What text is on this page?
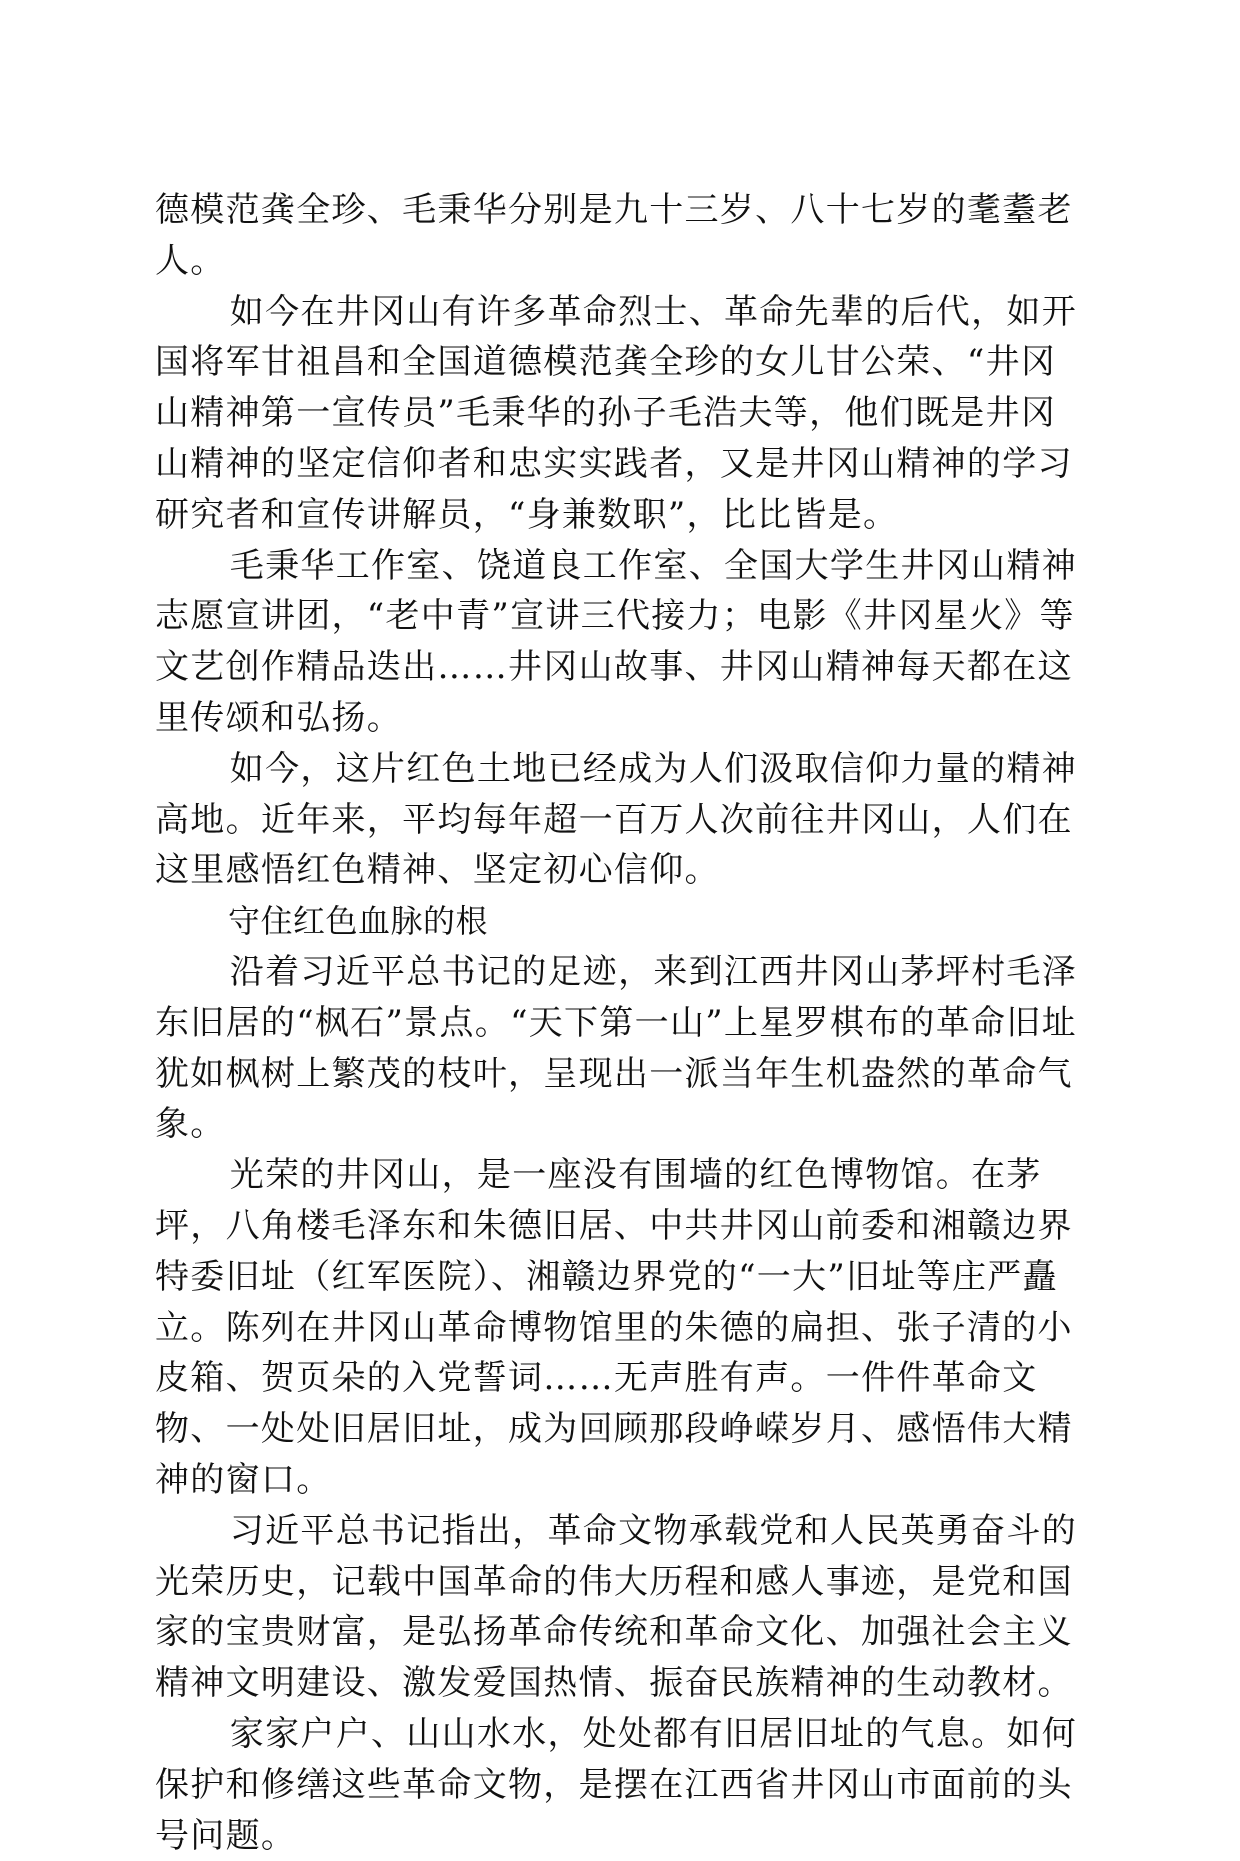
德模范龚全珍、毛秉华分别是九十三岁、八十七岁的耄耋老人。

如今在井冈山有许多革命烈士、革命先辈的后代，如开国将军甘祖昌和全国道德模范龚全珍的女儿甘公荣、“井冈山精神第一宣传员”毛秉华的孙子毛浩夫等，他们既是井冈山精神的坚定信仰者和忠实实践者，又是井冈山精神的学习研究者和宣传讲解员，“身兼数职”，比比皆是。

毛秉华工作室、饶道良工作室、全国大学生井冈山精神志愿宣讲团，“老中青”宣讲三代接力；电影《井冈星火》等文艺创作精品迭出……井冈山故事、井冈山精神每天都在这里传颂和弘扬。

如今，这片红色土地已经成为人们汲取信仰力量的精神高地。近年来，平均每年超一百万人次前往井冈山，人们在这里感悟红色精神、坚定初心信仰。

守住红色血脉的根

沿着习近平总书记的足迹，来到江西井冈山茅坪村毛泽东旧居的“枫石”景点。“天下第一山”上星罗棋布的革命旧址犹如枫树上繁茂的枝叶，呈现出一派当年生机盎然的革命气象。

光荣的井冈山，是一座没有围墙的红色博物馆。在茅坪，八角楼毛泽东和朱德旧居、中共井冈山前委和湘赣边界特委旧址（红军医院）、湘赣边界党的“一大”旧址等庄严矗立。陈列在井冈山革命博物馆里的朱德的扁担、张子清的小皮箱、贺页朵的入党誓词……无声胜有声。一件件革命文物、一处处旧居旧址，成为回顾那段峥嵘岁月、感悟伟大精神的窗口。

习近平总书记指出，革命文物承载党和人民英勇奋斗的光荣历史，记载中国革命的伟大历程和感人事迹，是党和国家的宝贵财富，是弘扬革命传统和革命文化、加强社会主义精神文明建设、激发爱国热情、振奋民族精神的生动教材。

家家户户、山山水水，处处都有旧居旧址的气息。如何保护和修缮这些革命文物，是摆在江西省井冈山市面前的头号问题。
